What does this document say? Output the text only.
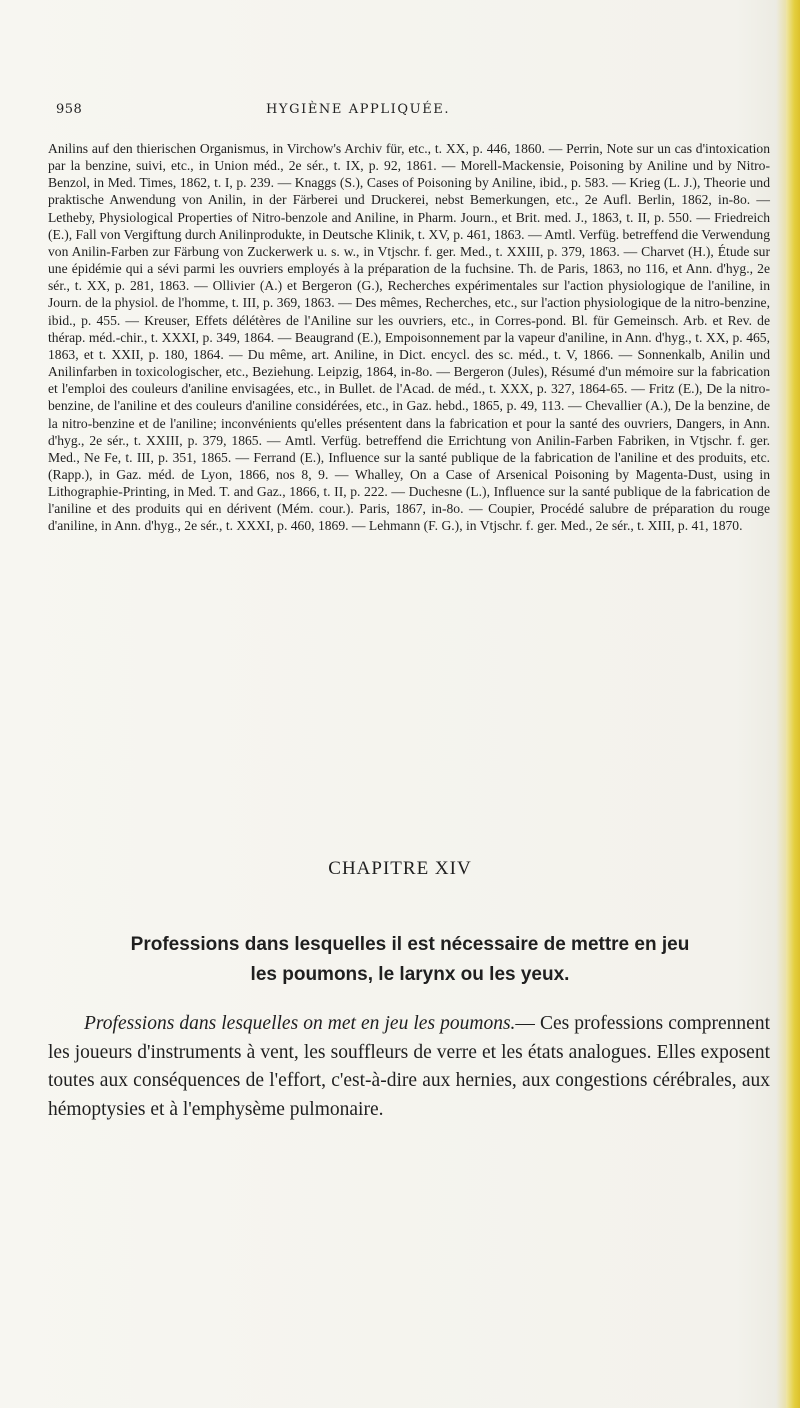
958	HYGIÈNE APPLIQUÉE.
Anilins auf den thierischen Organismus, in Virchow's Archiv für, etc., t. XX, p. 446, 1860. — Perrin, Note sur un cas d'intoxication par la benzine, suivi, etc., in Union méd., 2e sér., t. IX, p. 92, 1861. — Morell-Mackensie, Poisoning by Aniline und by Nitro-Benzol, in Med. Times, 1862, t. I, p. 239. — Knaggs (S.), Cases of Poisoning by Aniline, ibid., p. 583. — Krieg (L. J.), Theorie und praktische Anwendung von Anilin, in der Färberei und Druckerei, nebst Bemerkungen, etc., 2e Aufl. Berlin, 1862, in-8o. — Letheby, Physiological Properties of Nitro-benzole and Aniline, in Pharm. Journ., et Brit. med. J., 1863, t. II, p. 550. — Friedreich (E.), Fall von Vergiftung durch Anilinprodukte, in Deutsche Klinik, t. XV, p. 461, 1863. — Amtl. Verfüg. betreffend die Verwendung von Anilin-Farben zur Färbung von Zuckerwerk u. s. w., in Vtjschr. f. ger. Med., t. XXIII, p. 379, 1863. — Charvet (H.), Étude sur une épidémie qui a sévi parmi les ouvriers employés à la préparation de la fuchsine. Th. de Paris, 1863, no 116, et Ann. d'hyg., 2e sér., t. XX, p. 281, 1863. — Ollivier (A.) et Bergeron (G.), Recherches expérimentales sur l'action physiologique de l'aniline, in Journ. de la physiol. de l'homme, t. III, p. 369, 1863. — Des mêmes, Recherches, etc., sur l'action physiologique de la nitro-benzine, ibid., p. 455. — Kreuser, Effets délétères de l'Aniline sur les ouvriers, etc., in Corres-pond. Bl. für Gemeinsch. Arb. et Rev. de thérap. méd.-chir., t. XXXI, p. 349, 1864. — Beaugrand (E.), Empoisonnement par la vapeur d'aniline, in Ann. d'hyg., t. XX, p. 465, 1863, et t. XXII, p. 180, 1864. — Du même, art. Aniline, in Dict. encycl. des sc. méd., t. V, 1866. — Sonnenkalb, Anilin und Anilinfarben in toxicologischer, etc., Beziehung. Leipzig, 1864, in-8o. — Bergeron (Jules), Résumé d'un mémoire sur la fabrication et l'emploi des couleurs d'aniline envisagées, etc., in Bullet. de l'Acad. de méd., t. XXX, p. 327, 1864-65. — Fritz (E.), De la nitro-benzine, de l'aniline et des couleurs d'aniline considérées, etc., in Gaz. hebd., 1865, p. 49, 113. — Chevallier (A.), De la benzine, de la nitro-benzine et de l'aniline; inconvénients qu'elles présentent dans la fabrication et pour la santé des ouvriers, Dangers, in Ann. d'hyg., 2e sér., t. XXIII, p. 379, 1865. — Amtl. Verfüg. betreffend die Errichtung von Anilin-Farben Fabriken, in Vtjschr. f. ger. Med., Ne Fe, t. III, p. 351, 1865. — Ferrand (E.), Influence sur la santé publique de la fabrication de l'aniline et des produits, etc. (Rapp.), in Gaz. méd. de Lyon, 1866, nos 8, 9. — Whalley, On a Case of Arsenical Poisoning by Magenta-Dust, using in Lithographie-Printing, in Med. T. and Gaz., 1866, t. II, p. 222. — Duchesne (L.), Influence sur la santé publique de la fabrication de l'aniline et des produits qui en dérivent (Mém. cour.). Paris, 1867, in-8o. — Coupier, Procédé salubre de préparation du rouge d'aniline, in Ann. d'hyg., 2e sér., t. XXXI, p. 460, 1869. — Lehmann (F. G.), in Vtjschr. f. ger. Med., 2e sér., t. XIII, p. 41, 1870.
CHAPITRE XIV
Professions dans lesquelles il est nécessaire de mettre en jeu
les poumons, le larynx ou les yeux.
Professions dans lesquelles on met en jeu les poumons.— Ces professions comprennent les joueurs d'instruments à vent, les souffleurs de verre et les états analogues. Elles exposent toutes aux conséquences de l'effort, c'est-à-dire aux hernies, aux congestions cérébrales, aux hémoptysies et à l'emphysème pulmonaire.
